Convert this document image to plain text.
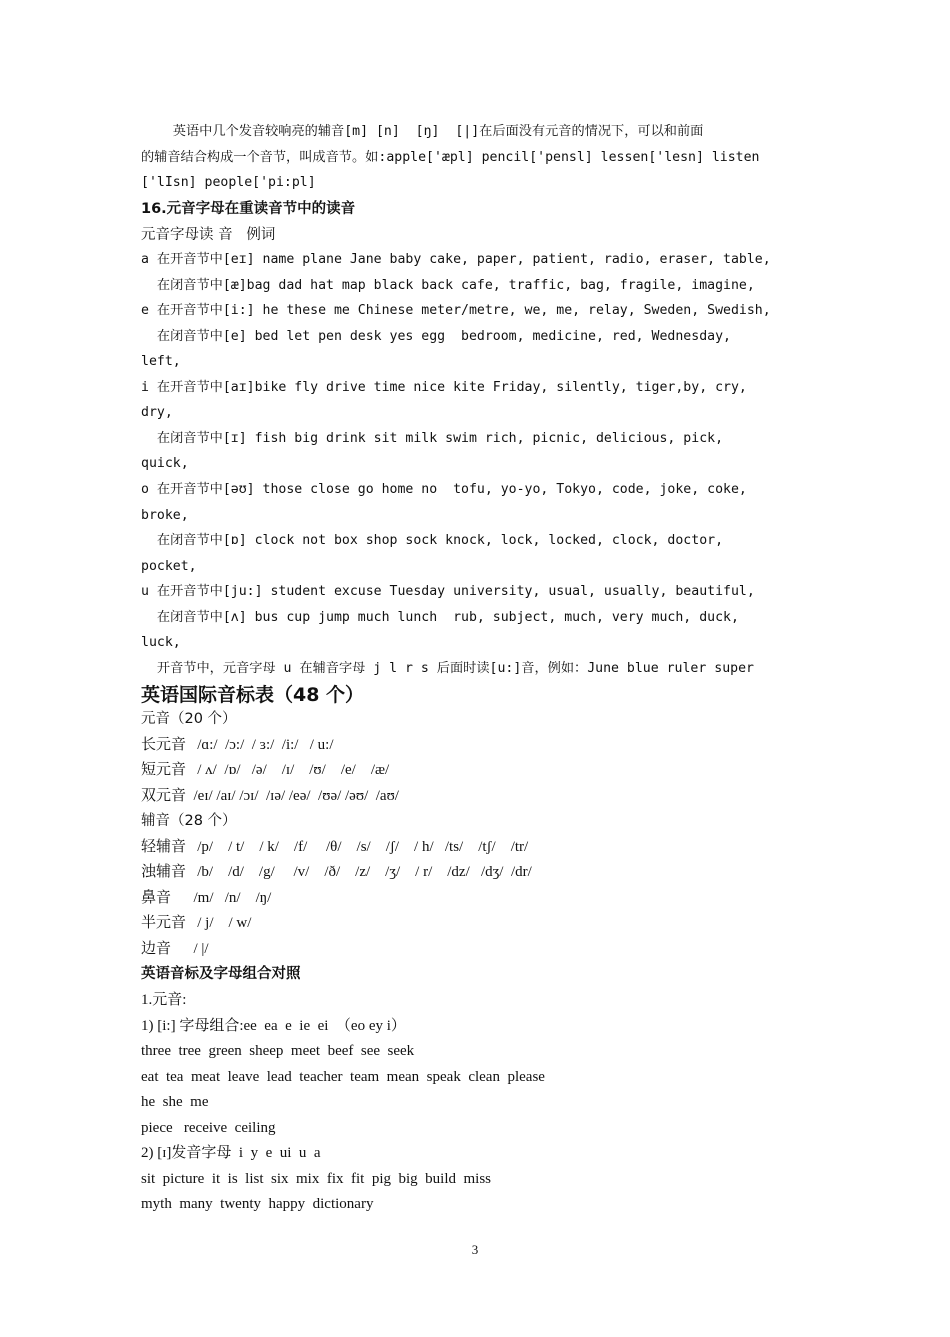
英语中几个发音较响亮的辅音[m] [n]  [ŋ]  [|]在后面没有元音的情况下，可以和前面
的辅音结合构成一个音节，叫成音节。如:apple['æpl] pencil['pensl] lessen['lesn] listen
['lIsn] people['pi:pl]
16.元音字母在重读音节中的读音
元音字母读 音   例词
a 在开音节中[eɪ] name plane Jane baby cake, paper, patient, radio, eraser, table,
在闭音节中[æ]bag dad hat map black back cafe, traffic, bag, fragile, imagine,
e 在开音节中[i:] he these me Chinese meter/metre, we, me, relay, Sweden, Swedish,
在闭音节中[e] bed let pen desk yes egg  bedroom, medicine, red, Wednesday,
left,
i 在开音节中[aɪ]bike fly drive time nice kite Friday, silently, tiger,by, cry,
dry,
在闭音节中[ɪ] fish big drink sit milk swim rich, picnic, delicious, pick,
quick,
o 在开音节中[əʊ] those close go home no  tofu, yo-yo, Tokyo, code, joke, coke,
broke,
在闭音节中[ɒ] clock not box shop sock knock, lock, locked, clock, doctor,
pocket,
u 在开音节中[ju:] student excuse Tuesday university, usual, usually, beautiful,
在闭音节中[ʌ] bus cup jump much lunch  rub, subject, much, very much, duck,
luck,
开音节中，元音字母 u 在辅音字母 j l r s 后面时读[u:]音，例如：June blue ruler super
英语国际音标表（48 个）
元音（20 个）
长元音   /ɑ:/  /ɔ:/  / ɜ:/  /i:/   / u:/
短元音   / ʌ/  /ɒ/   /ə/    /ɪ/    /ʊ/    /e/    /æ/
双元音  /eɪ/ /aɪ/ /ɔɪ/  /ɪə/ /eə/  /ʊə/ /əʊ/  /aʊ/
辅音（28 个）
轻辅音   /p/    / t/    / k/    /f/     /θ/    /s/    /ʃ/    / h/   /ts/    /tʃ/    /tr/
浊辅音   /b/    /d/    /g/     /v/    /ð/    /z/    /ʒ/    / r/    /dz/   /dʒ/  /dr/
鼻音      /m/   /n/    /ŋ/
半元音   / j/    / w/
边音      / |/
英语音标及字母组合对照
1.元音:
1) [i:] 字母组合:ee  ea  e  ie  ei  （eo ey i）
three  tree  green  sheep  meet  beef  see  seek
eat  tea  meat  leave  lead  teacher  team  mean  speak  clean  please
he  she  me
piece   receive  ceiling
2) [ɪ]发音字母  i  y  e  ui  u  a
sit  picture  it  is  list  six  mix  fix  fit  pig  big  build  miss
myth  many  twenty  happy  dictionary
3
